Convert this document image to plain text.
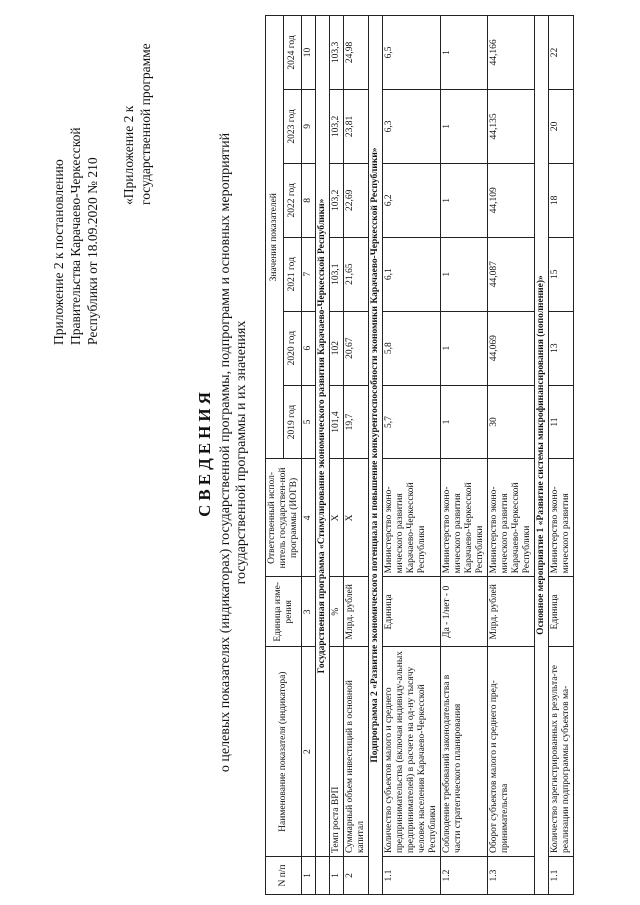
Приложение 2 к постановлению Правительства Карачаево-Черкесской Республики от 18.09.2020 № 210
«Приложение 2 к государственной программе
СВЕДЕНИЯ о целевых показателях (индикаторах) государственной программы, подпрограмм и основных мероприятий государственной программы и их значениях
N п/п	Наименование показателя (индикатора)	Единица изме-рения	Ответственный испол-нитель государствен-ной программы (ИОГВ)	Значения показателей					
				2019 год	2020 год	2021 год	2022 год	2023 год	2024 год
1	2	3	4	5	6	7	8	9	10
	Государственная программа «Стимулирование экономического развития Карачаево-Черкесской Республики»								
1	Темп роста ВРП	%	X	101,4	102	103,1	103,2	103,2	103,3
2	Суммарный объем инвестиций в основной капитал	Млрд. рублей	X	19,7	20,67	21,65	22,69	23,81	24,98
Подпрограмма 2 «Развитие экономического потенциала и повышение конкурентоспособности экономики Карачаево-Черкесской Республики»									
1.1	Количество субъектов малого и среднего предпринимательства (включая индивиду-альных предпринимателей) в расчете на од-ну тысячу человек населения Карачаево-Черкесской Республики	Единица	Министерство эконо-мического развития Карачаево-Черкесской Республики	5,7	5,8	6,1	6,2	6,3	6,5
1.2	Соблюдение требований законодательства в части стратегического планирования	Да - 1/нет - 0	Министерство эконо-мического развития Карачаево-Черкесской Республики	1	1	1	1	1	1
1.3	Оборот субъектов малого и среднего пред-принимательства	Млрд. рублей	Министерство эконо-мического развития Карачаево-Черкесской Республики	30	44,069	44,087	44,109	44,135	44,166
Основное мероприятие 1 «Развитие системы микрофинансирования (пополнение)»									
1.1	Количество зарегистрированных в результа-те реализации подпрограммы субъектов ма-	Единица	Министерство эконо-мического развития	11	13	15	18	20	22
